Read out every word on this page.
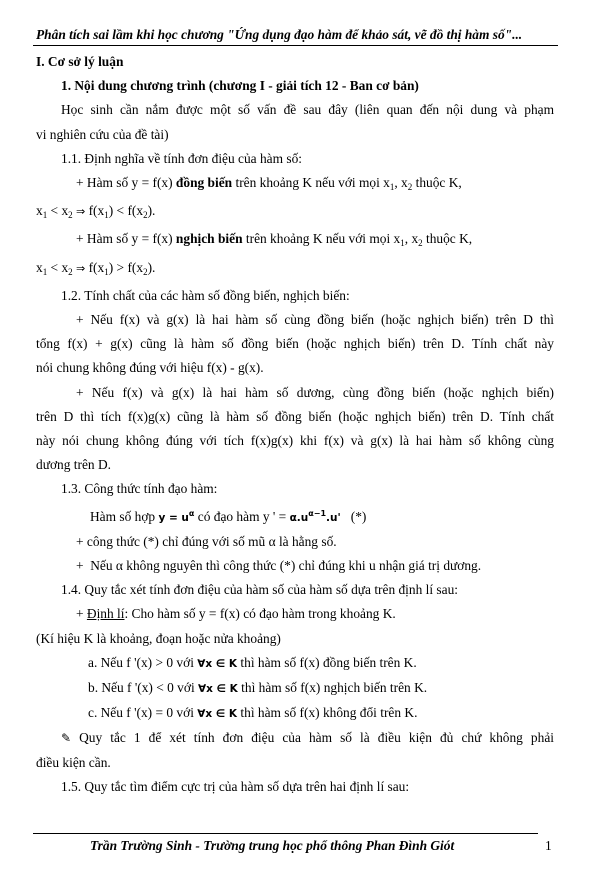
Phân tích sai lầm khi học chương "Ứng dụng đạo hàm để khảo sát, vẽ đồ thị hàm số"...
I. Cơ sở lý luận
1. Nội dung chương trình (chương I - giải tích 12 - Ban cơ bản)
Học sinh cần nắm được một số vấn đề sau đây (liên quan đến nội dung và phạm
vi nghiên cứu của đề tài)
1.1. Định nghĩa về tính đơn điệu của hàm số:
+ Hàm số y = f(x) đồng biến trên khoảng K nếu với mọi $x_1$, $x_2$ thuộc K,
$x_1 < x_2$ ⇒ $f(x_1) < f(x_2)$.
+ Hàm số y = f(x) nghịch biến trên khoảng K nếu với mọi $x_1$, $x_2$ thuộc K,
$x_1 < x_2$ ⇒ $f(x_1) > f(x_2)$.
1.2. Tính chất của các hàm số đồng biến, nghịch biến:
+ Nếu f(x) và g(x) là hai hàm số cùng đồng biến (hoặc nghịch biến) trên D thì
tổng f(x) + g(x) cũng là hàm số đồng biến (hoặc nghịch biến) trên D. Tính chất này
nói chung không đúng với hiệu f(x) - g(x).
+ Nếu f(x) và g(x) là hai hàm số dương, cùng đồng biến (hoặc nghịch biến)
trên D thì tích f(x)g(x) cũng là hàm số đồng biến (hoặc nghịch biến) trên D. Tính chất
này nói chung không đúng với tích f(x)g(x) khi f(x) và g(x) là hai hàm số không cùng
dương trên D.
1.3. Công thức tính đạo hàm:
Hàm số hợp $y = u^\alpha$ có đạo hàm y ' = $\alpha.u^{\alpha-1}.u'$ (*)
+ công thức (*) chỉ đúng với số mũ α là hằng số.
+  Nếu α không nguyên thì công thức (*) chỉ đúng khi u nhận giá trị dương.
1.4. Quy tắc xét tính đơn điệu của hàm số của hàm số dựa trên định lí sau:
+ Định lí: Cho hàm số y = f(x) có đạo hàm trong khoảng K.
(Kí hiệu K là khoảng, đoạn hoặc nửa khoảng)
a. Nếu f '(x) > 0 với ∀x ∈ K thì hàm số f(x) đồng biến trên K.
b. Nếu f '(x) < 0 với ∀x ∈ K thì hàm số f(x) nghịch biến trên K.
c. Nếu f '(x) = 0 với ∀x ∈ K thì hàm số f(x) không đổi trên K.
✎ Quy tắc 1 để xét tính đơn điệu của hàm số là điều kiện đủ chứ không phải
điều kiện cần.
1.5. Quy tắc tìm điểm cực trị của hàm số dựa trên hai định lí sau:
Trần Trường Sinh - Trường trung học phổ thông Phan Đình Giót	1
